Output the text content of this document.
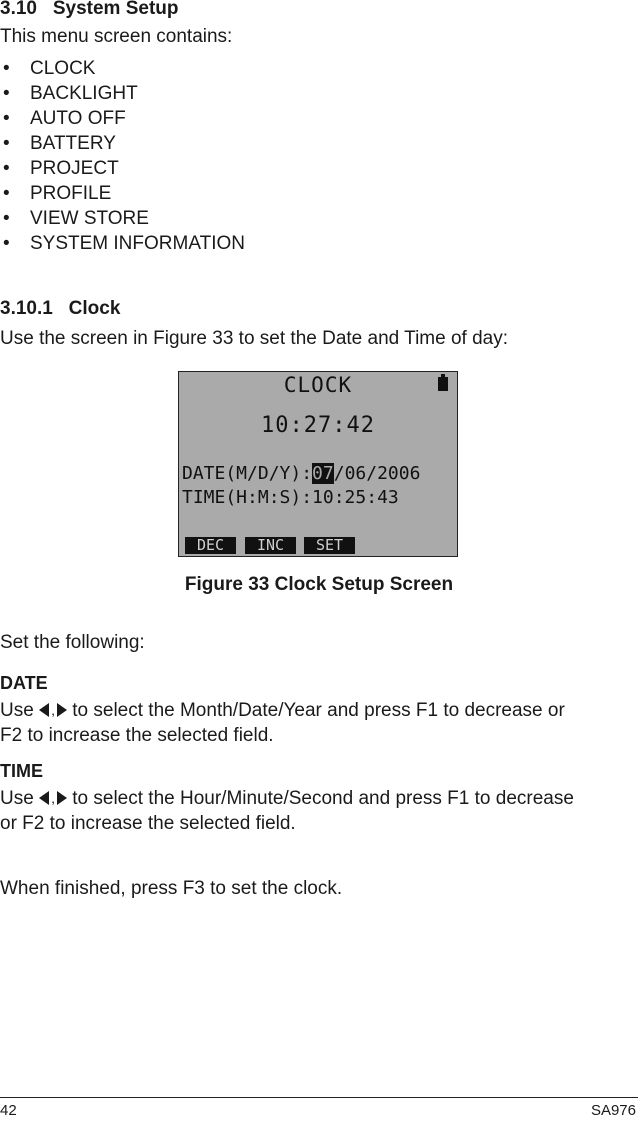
3.10 System Setup
This menu screen contains:
• CLOCK
• BACKLIGHT
• AUTO OFF
• BATTERY
• PROJECT
• PROFILE
• VIEW STORE
• SYSTEM INFORMATION
3.10.1 Clock
Use the screen in Figure 33 to set the Date and Time of day:
CLOCK
10:27:42
DATE(M/D/Y):07/06/2006
TIME(H:M:S):10:25:43
DEC	INC	SET
Figure 33 Clock Setup Screen
Set the following:
DATE
Use , to select the Month/Date/Year and press F1 to decrease or
F2 to increase the selected field.
TIME
Use , to select the Hour/Minute/Second and press F1 to decrease
or F2 to increase the selected field.
When finished, press F3 to set the clock.
42	SA976
